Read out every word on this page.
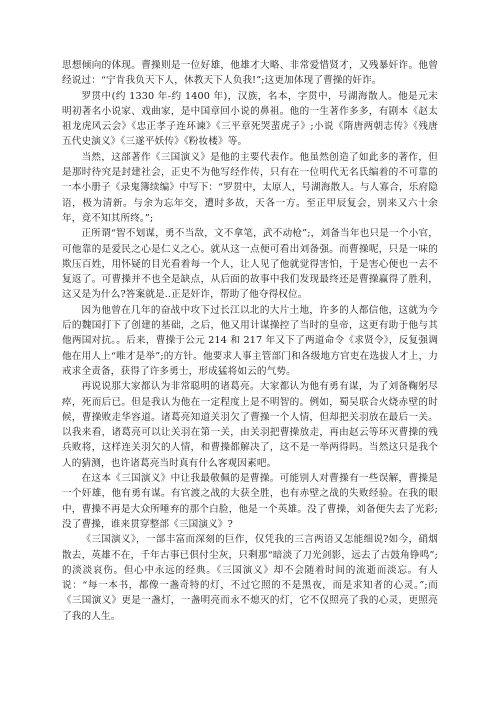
思想倾向的体现。曹操则是一位好雄，他雄才大略、非常爱惜贤才，又残暴奸诈。他曾经说过：“宁肯我负天下人，休教天下人负我!”;这更加体现了曹操的奸诈。

罗贯中(约 1330 年-约 1400 年)，汉族，名本，字贯中，号湖海散人。他是元末明初著名小说家、戏曲家，是中国章回小说的鼻祖。他的一生著作多多，有剧本《赵太祖龙虎风云会》《忠正孝子连环谏》《三平章死哭蜚虎子》;小说《隋唐两朝志传》《残唐五代史演义》《三遂平妖传》《粉妆楼》等。

当然，这部著作《三国演义》是他的主要代表作。他虽然创造了如此多的著作，但是那时待究是封建社会，正史不为他写经作传，只有在一位明代无名氏编着的不可靠的一本小册子《录鬼簿续编》中写下：“罗贯中，太原人，号湖海散人。与人寡合，乐府隐语，极为清新。与余为忘年交，遭时多故，天各一方。至正甲辰复会，别来又六十余年，竟不知其所终。”;

正所谓“智不划谋，勇不当敌，文不拿笔，武不动枪”;，刘备当年也只是一个小官，可他靠的是爱民之心是仁义之心。就从这一点便可看出刘备强。而曹操呢，只是一味的欺压百姓，用怀疑的目光看着每一个人，让人见了他就觉得害怕，于是害心便也一去不复返了。可曹操并不也全是缺点，从后面的故事中我们发现最终还是曹操赢得了胜利，这又是为什么?答案就是..正是奸诈，帮助了他夺得权位。

因为他曾在几年的奋战中攻下过长江以北的大片土地，许多的人都信他，这就为今后的魏国打下了创建的基础，之后，他又用计谋操控了当时的皇帝，这更有助于他与其他两国对抗。。后来，曹操于公元 214 和 217 年又下了两道命令《求贤令》，反复强调他在用人上“唯才是举”;的方针。他要求人事主管部门和各级地方官吏在选拔人才上，力戒求全责备，获得了许多勇士，形成猛将如云的气势。

再说说那大家都认为非常聪明的诸葛亮。大家都认为他有勇有谋，为了刘备鞠躬尽瘁，死而后已。但是我认为他在一定程度上是不明智的。例如，蜀吴联合火烧赤壁的时候，曹操败走华容道。诸葛亮知道关羽欠了曹操一个人情，但却把关羽放在最后一关。以我来看，诸葛亮可以让关羽在第一关，由关羽把曹操放走，再由赵云等环灭曹操的残兵败将，这样连关羽欠的人情，和曹操都解决了，这不是一举两得吗。当然这只是我个人的猜测，也许诸葛亮当时真有什么客观因素吧。

在这本《三国演义》中让我最敬佩的是曹操。可能别人对曹操有一些误解，曹操是一个奸雄，他有勇有谋。有官渡之战的大获全胜，也有赤壁之战的失败经验。在我的眼中，曹操不再是大众所唾弃的那个白脸，他是一个英雄。没了曹操，刘备便失去了光彩;没了曹操，谁来贯穿整部《三国演义》?

《三国演义》，一部丰富而深刻的巨作，仅凭我的三言两语又怎能细说?如今，硝烟散去，英雄不在，千年古事已俱付尘灰，只剩那“暗淡了刀光剑影，远去了古鼓角铮鸣”;的淡淡哀伤。但心中永远的经典。《三国演义》却不会随着时间的流逝而淡忘。有人说：“每一本书，都像一盏奇特的灯，不过它照的不是黑夜，而是求知者的心灵。”;而《三国演义》更是一盏灯，一盏明亮而永不熄灭的灯，它不仅照亮了我的心灵，更照亮了我的人生。
